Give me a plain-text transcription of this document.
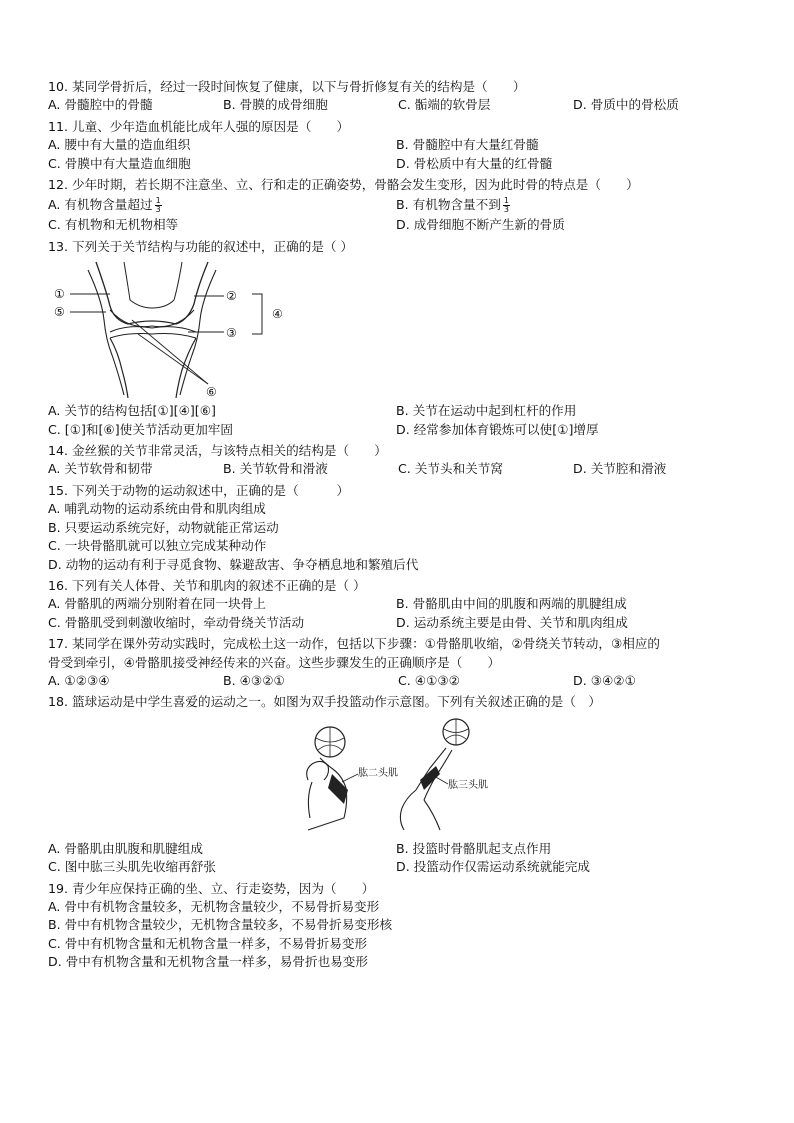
10. 某同学骨折后，经过一段时间恢复了健康，以下与骨折修复有关的结构是（　　）
A. 骨髓腔中的骨髓	B. 骨膜的成骨细胞	C. 骺端的软骨层	D. 骨质中的骨松质
11. 儿童、少年造血机能比成年人强的原因是（　　）
A. 腰中有大量的造血组织	B. 骨髓腔中有大量红骨髓
C. 骨膜中有大量造血细胞	D. 骨松质中有大量的红骨髓
12. 少年时期，若长期不注意坐、立、行和走的正确姿势，骨骼会发生变形，因为此时骨的特点是（　　）
A. 有机物含量超过 $\frac{1}{3}$	B. 有机物含量不到 $\frac{1}{3}$
C. 有机物和无机物相等	D. 成骨细胞不断产生新的骨质
13. 下列关于关节结构与功能的叙述中，正确的是（ ）
①	②
③
④
⑤
⑥
A. 关节的结构包括[①][④][⑥]	B. 关节在运动中起到杠杆的作用
C. [①]和[⑥]使关节活动更加牢固	D. 经常参加体育锻炼可以使[①]增厚
14. 金丝猴的关节非常灵活，与该特点相关的结构是（　　）
A. 关节软骨和韧带	B. 关节软骨和滑液	C. 关节头和关节窝	D. 关节腔和滑液
15. 下列关于动物的运动叙述中，正确的是（　　　）
A. 哺乳动物的运动系统由骨和肌肉组成
B. 只要运动系统完好，动物就能正常运动
C. 一块骨骼肌就可以独立完成某种动作
D. 动物的运动有利于寻觅食物、躲避敌害、争夺栖息地和繁殖后代
16. 下列有关人体骨、关节和肌肉的叙述不正确的是（ ）
A. 骨骼肌的两端分别附着在同一块骨上	B. 骨骼肌由中间的肌腹和两端的肌腱组成
C. 骨骼肌受到刺激收缩时，牵动骨绕关节活动	D. 运动系统主要是由骨、关节和肌肉组成
17. 某同学在课外劳动实践时，完成松土这一动作，包括以下步骤：①骨骼肌收缩，②骨绕关节转动，③相应的
骨受到牵引，④骨骼肌接受神经传来的兴奋。这些步骤发生的正确顺序是（　　）
A. ①②③④	B. ④③②①	C. ④①③②	D. ③④②①
18. 篮球运动是中学生喜爱的运动之一。如图为双手投篮动作示意图。下列有关叙述正确的是（　）
肱二头肌
肱三头肌
A. 骨骼肌由肌腹和肌腱组成	B. 投篮时骨骼肌起支点作用
C. 图中肱三头肌先收缩再舒张	D. 投篮动作仅需运动系统就能完成
19. 青少年应保持正确的坐、立、行走姿势，因为（　　）
A. 骨中有机物含量较多，无机物含量较少，不易骨折易变形
B. 骨中有机物含量较少，无机物含量较多，不易骨折易变形核
C. 骨中有机物含量和无机物含量一样多，不易骨折易变形
D. 骨中有机物含量和无机物含量一样多，易骨折也易变形
